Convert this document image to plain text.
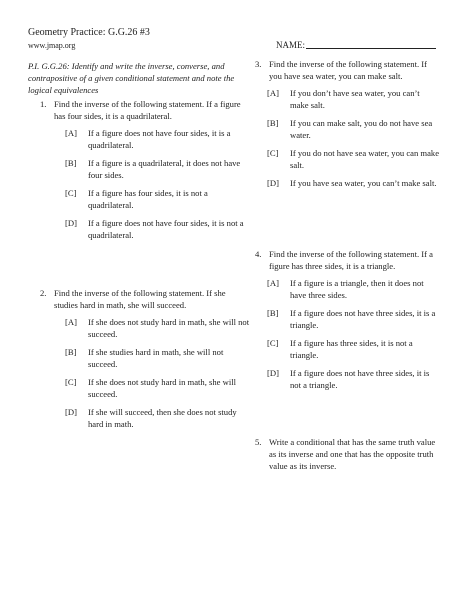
Geometry Practice: G.G.26 #3
www.jmap.org	NAME:
P.I. G.G.26: Identify and write the inverse, converse, and contrapositive of a given conditional statement and note the logical equivalences
1. Find the inverse of the following statement. If a figure has four sides, it is a quadrilateral.
[A] If a figure does not have four sides, it is a quadrilateral.
[B] If a figure is a quadrilateral, it does not have four sides.
[C] If a figure has four sides, it is not a quadrilateral.
[D] If a figure does not have four sides, it is not a quadrilateral.
2. Find the inverse of the following statement. If she studies hard in math, she will succeed.
[A] If she does not study hard in math, she will not succeed.
[B] If she studies hard in math, she will not succeed.
[C] If she does not study hard in math, she will succeed.
[D] If she will succeed, then she does not study hard in math.
3. Find the inverse of the following statement. If you have sea water, you can make salt.
[A] If you don’t have sea water, you can’t make salt.
[B] If you can make salt, you do not have sea water.
[C] If you do not have sea water, you can make salt.
[D] If you have sea water, you can’t make salt.
4. Find the inverse of the following statement. If a figure has three sides, it is a triangle.
[A] If a figure is a triangle, then it does not have three sides.
[B] If a figure does not have three sides, it is a triangle.
[C] If a figure has three sides, it is not a triangle.
[D] If a figure does not have three sides, it is not a triangle.
5. Write a conditional that has the same truth value as its inverse and one that has the opposite truth value as its inverse.
